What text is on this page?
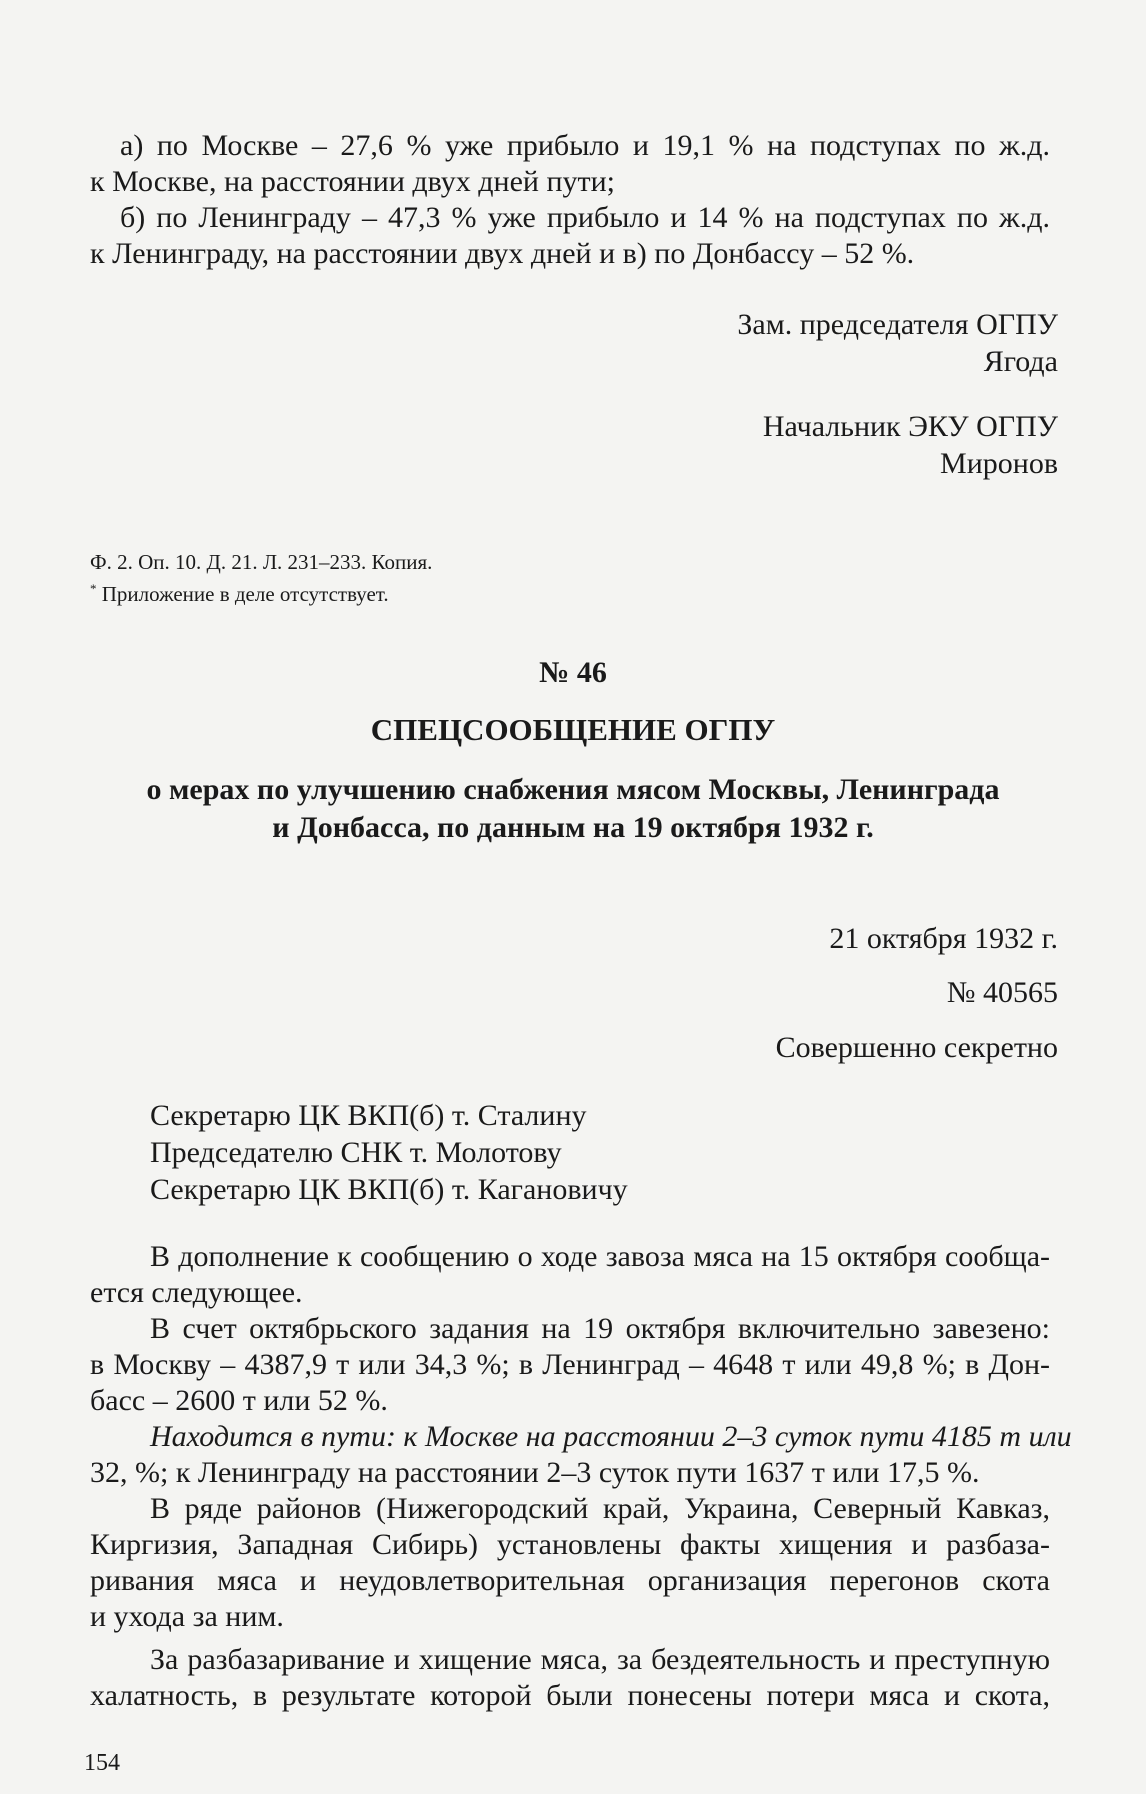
а) по Москве – 27,6 % уже прибыло и 19,1 % на подступах по ж.д.
к Москве, на расстоянии двух дней пути;
б) по Ленинграду – 47,3 % уже прибыло и 14 % на подступах по ж.д.
к Ленинграду, на расстоянии двух дней и в) по Донбассу – 52 %.
Зам. председателя ОГПУ
Ягода
Начальник ЭКУ ОГПУ
Миронов
Ф. 2. Оп. 10. Д. 21. Л. 231–233. Копия.
* Приложение в деле отсутствует.
№ 46
СПЕЦСООБЩЕНИЕ ОГПУ
о мерах по улучшению снабжения мясом Москвы, Ленинграда
и Донбасса, по данным на 19 октября 1932 г.
21 октября 1932 г.
№ 40565
Совершенно секретно
Секретарю ЦК ВКП(б) т. Сталину
Председателю СНК т. Молотову
Секретарю ЦК ВКП(б) т. Кагановичу
В дополнение к сообщению о ходе завоза мяса на 15 октября сообща-
ется следующее.
В счет октябрьского задания на 19 октября включительно завезено:
в Москву – 4387,9 т или 34,3 %; в Ленинград – 4648 т или 49,8 %; в Дон-
басс – 2600 т или 52 %.
Находится в пути: к Москве на расстоянии 2–3 суток пути 4185 т или
32, %; к Ленинграду на расстоянии 2–3 суток пути 1637 т или 17,5 %.
В ряде районов (Нижегородский край, Украина, Северный Кавказ,
Киргизия, Западная Сибирь) установлены факты хищения и разбаза-
ривания мяса и неудовлетворительная организация перегонов скота
и ухода за ним.
За разбазаривание и хищение мяса, за бездеятельность и преступную
халатность, в результате которой были понесены потери мяса и скота,
154
